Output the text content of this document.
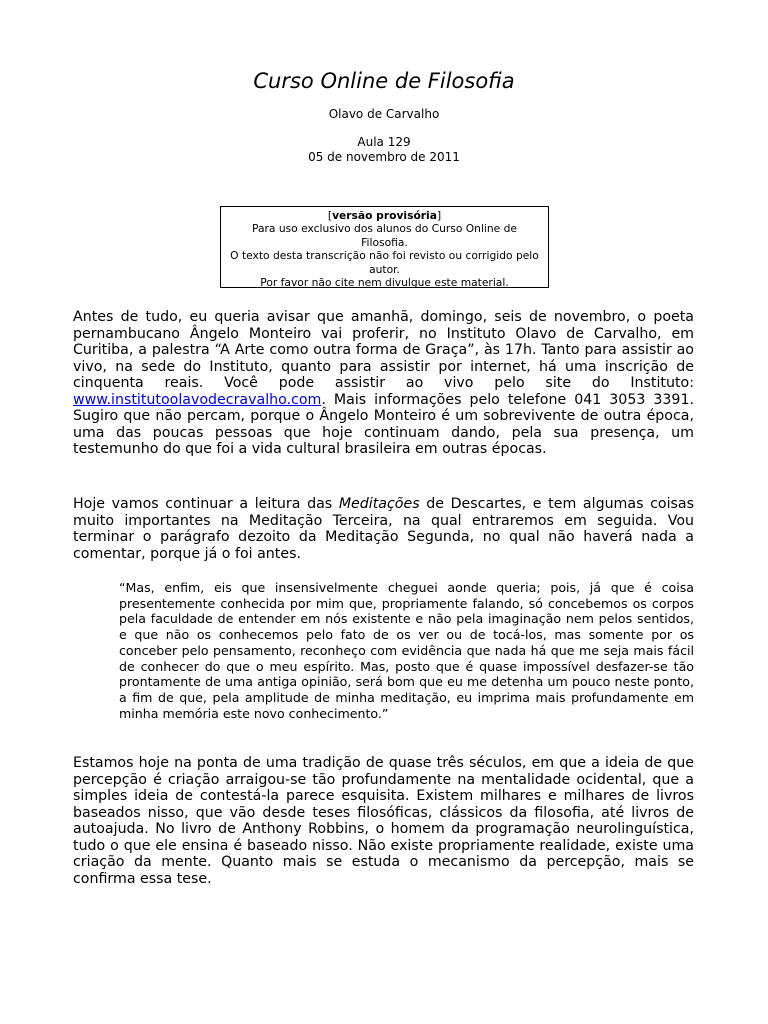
Curso Online de Filosofia
Olavo de Carvalho
Aula 129
05 de novembro de 2011
[versão provisória]
Para uso exclusivo dos alunos do Curso Online de Filosofia.
O texto desta transcrição não foi revisto ou corrigido pelo autor.
Por favor não cite nem divulgue este material.

Antes de tudo, eu queria avisar que amanhã, domingo, seis de novembro, o poeta pernambucano Ângelo Monteiro vai proferir, no Instituto Olavo de Carvalho, em Curitiba, a palestra “A Arte como outra forma de Graça”, às 17h. Tanto para assistir ao vivo, na sede do Instituto, quanto para assistir por internet, há uma inscrição de cinquenta reais. Você pode assistir ao vivo pelo site do Instituto: www.institutoolavodecravalho.com. Mais informações pelo telefone 041 3053 3391. Sugiro que não percam, porque o Ângelo Monteiro é um sobrevivente de outra época, uma das poucas pessoas que hoje continuam dando, pela sua presença, um testemunho do que foi a vida cultural brasileira em outras épocas.

Hoje vamos continuar a leitura das Meditações de Descartes, e tem algumas coisas muito importantes na Meditação Terceira, na qual entraremos em seguida. Vou terminar o parágrafo dezoito da Meditação Segunda, no qual não haverá nada a comentar, porque já o foi antes.

“Mas, enfim, eis que insensivelmente cheguei aonde queria; pois, já que é coisa presentemente conhecida por mim que, propriamente falando, só concebemos os corpos pela faculdade de entender em nós existente e não pela imaginação nem pelos sentidos, e que não os conhecemos pelo fato de os ver ou de tocá-los, mas somente por os conceber pelo pensamento, reconheço com evidência que nada há que me seja mais fácil de conhecer do que o meu espírito. Mas, posto que é quase impossível desfazer-se tão prontamente de uma antiga opinião, será bom que eu me detenha um pouco neste ponto, a fim de que, pela amplitude de minha meditação, eu imprima mais profundamente em minha memória este novo conhecimento.”

Estamos hoje na ponta de uma tradição de quase três séculos, em que a ideia de que percepção é criação arraigou-se tão profundamente na mentalidade ocidental, que a simples ideia de contestá-la parece esquisita. Existem milhares e milhares de livros baseados nisso, que vão desde teses filosóficas, clássicos da filosofia, até livros de autoajuda. No livro de Anthony Robbins, o homem da programação neurolinguística, tudo o que ele ensina é baseado nisso. Não existe propriamente realidade, existe uma criação da mente. Quanto mais se estuda o mecanismo da percepção, mais se confirma essa tese.
